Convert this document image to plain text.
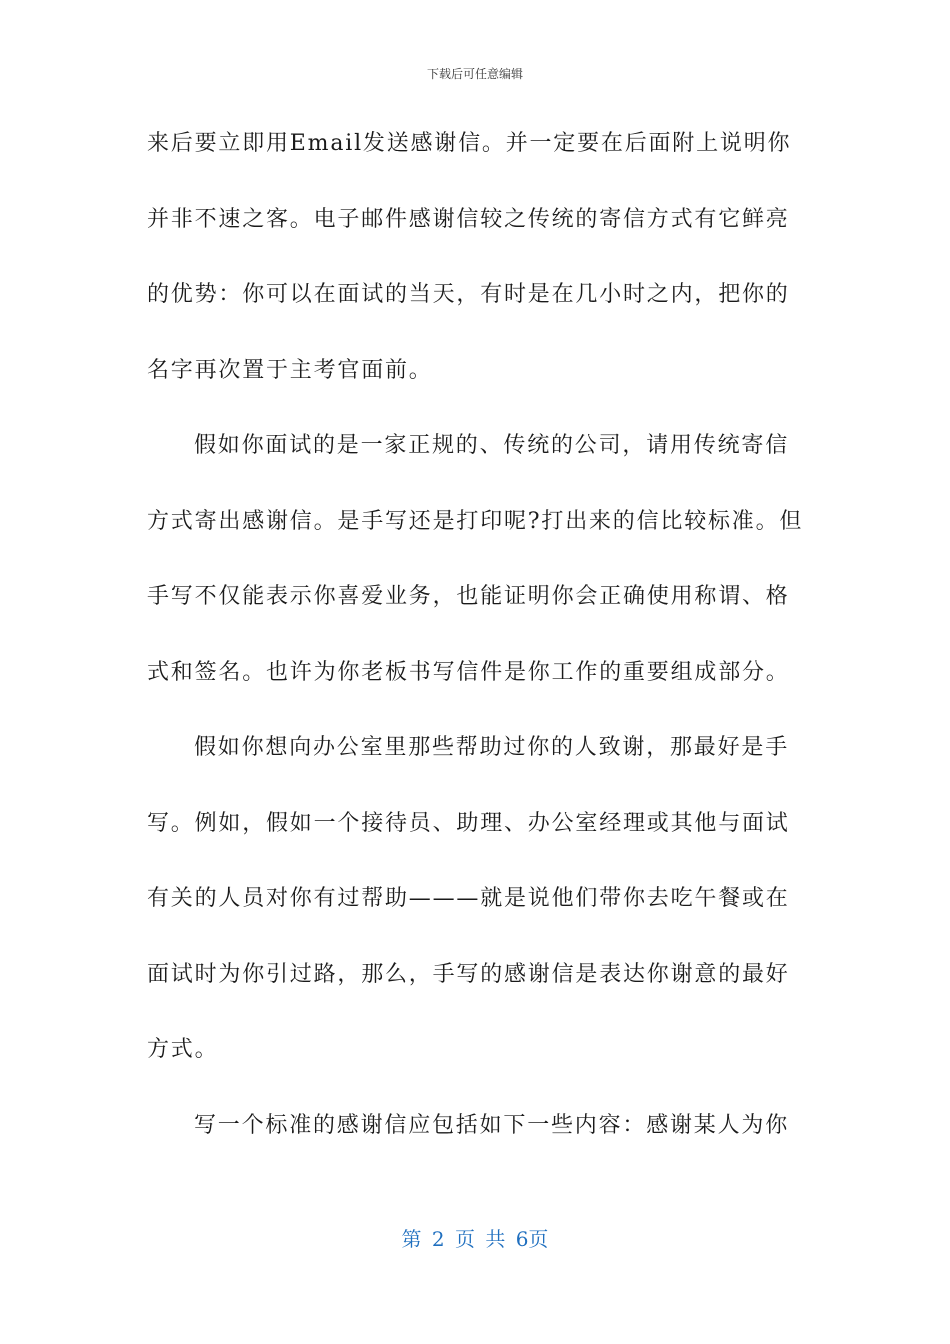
下载后可任意编辑
来后要立即用Email发送感谢信。并一定要在后面附上说明你
并非不速之客。电子邮件感谢信较之传统的寄信方式有它鲜亮
的优势：你可以在面试的当天，有时是在几小时之内，把你的
名字再次置于主考官面前。
假如你面试的是一家正规的、传统的公司，请用传统寄信
方式寄出感谢信。是手写还是打印呢?打出来的信比较标准。但
手写不仅能表示你喜爱业务，也能证明你会正确使用称谓、格
式和签名。也许为你老板书写信件是你工作的重要组成部分。
假如你想向办公室里那些帮助过你的人致谢，那最好是手
写。例如，假如一个接待员、助理、办公室经理或其他与面试
有关的人员对你有过帮助———就是说他们带你去吃午餐或在
面试时为你引过路，那么，手写的感谢信是表达你谢意的最好
方式。
写一个标准的感谢信应包括如下一些内容：感谢某人为你
第 2 页 共 6页
